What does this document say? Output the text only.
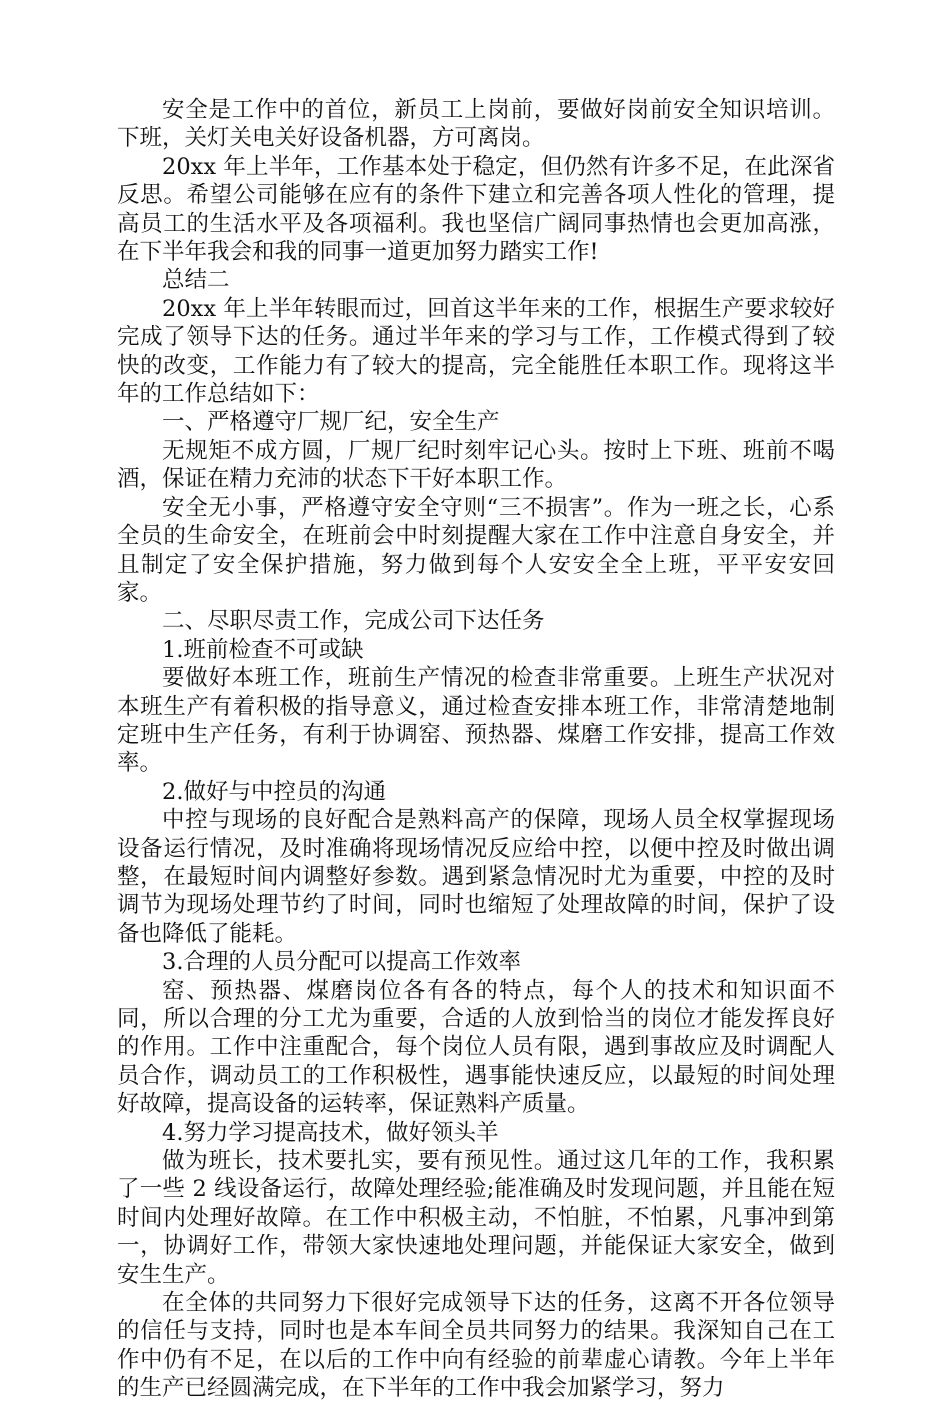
安全是工作中的首位，新员工上岗前，要做好岗前安全知识培训。下班，关灯关电关好设备机器，方可离岗。

20xx 年上半年，工作基本处于稳定，但仍然有许多不足，在此深省反思。希望公司能够在应有的条件下建立和完善各项人性化的管理，提高员工的生活水平及各项福利。我也坚信广阔同事热情也会更加高涨，在下半年我会和我的同事一道更加努力踏实工作!

总结二

20xx 年上半年转眼而过，回首这半年来的工作，根据生产要求较好完成了领导下达的任务。通过半年来的学习与工作，工作模式得到了较快的改变，工作能力有了较大的提高，完全能胜任本职工作。现将这半年的工作总结如下：

一、严格遵守厂规厂纪，安全生产

无规矩不成方圆，厂规厂纪时刻牢记心头。按时上下班、班前不喝酒，保证在精力充沛的状态下干好本职工作。

安全无小事，严格遵守安全守则“三不损害”。作为一班之长，心系全员的生命安全，在班前会中时刻提醒大家在工作中注意自身安全，并且制定了安全保护措施，努力做到每个人安安全全上班，平平安安回家。

二、尽职尽责工作，完成公司下达任务

1.班前检查不可或缺

要做好本班工作，班前生产情况的检查非常重要。上班生产状况对本班生产有着积极的指导意义，通过检查安排本班工作，非常清楚地制定班中生产任务，有利于协调窑、预热器、煤磨工作安排，提高工作效率。

2.做好与中控员的沟通

中控与现场的良好配合是熟料高产的保障，现场人员全权掌握现场设备运行情况，及时准确将现场情况反应给中控，以便中控及时做出调整，在最短时间内调整好参数。遇到紧急情况时尤为重要，中控的及时调节为现场处理节约了时间，同时也缩短了处理故障的时间，保护了设备也降低了能耗。

3.合理的人员分配可以提高工作效率

窑、预热器、煤磨岗位各有各的特点，每个人的技术和知识面不同，所以合理的分工尤为重要，合适的人放到恰当的岗位才能发挥良好的作用。工作中注重配合，每个岗位人员有限，遇到事故应及时调配人员合作，调动员工的工作积极性，遇事能快速反应，以最短的时间处理好故障，提高设备的运转率，保证熟料产质量。

4.努力学习提高技术，做好领头羊

做为班长，技术要扎实，要有预见性。通过这几年的工作，我积累了一些 2 线设备运行，故障处理经验;能准确及时发现问题，并且能在短时间内处理好故障。在工作中积极主动，不怕脏，不怕累，凡事冲到第一，协调好工作，带领大家快速地处理问题，并能保证大家安全，做到安生生产。

在全体的共同努力下很好完成领导下达的任务，这离不开各位领导的信任与支持，同时也是本车间全员共同努力的结果。我深知自己在工作中仍有不足，在以后的工作中向有经验的前辈虚心请教。今年上半年的生产已经圆满完成，在下半年的工作中我会加紧学习，努力
